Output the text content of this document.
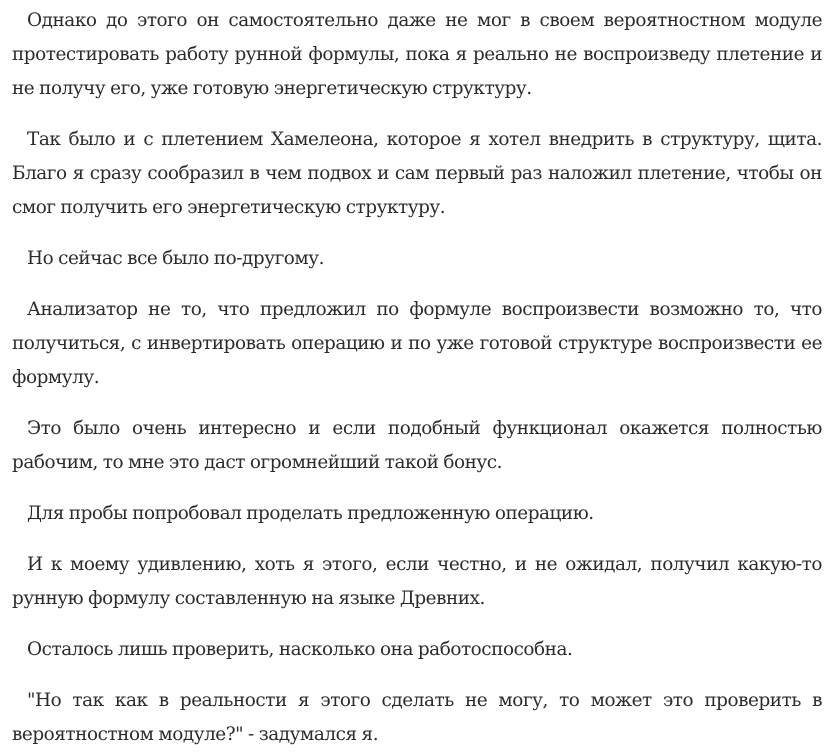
Однако до этого он самостоятельно даже не мог в своем вероятностном модуле протестировать работу рунной формулы, пока я реально не воспроизведу плетение и не получу его, уже готовую энергетическую структуру.

Так было и с плетением Хамелеона, которое я хотел внедрить в структуру, щита. Благо я сразу сообразил в чем подвох и сам первый раз наложил плетение, чтобы он смог получить его энергетическую структуру.

Но сейчас все было по-другому.

Анализатор не то, что предложил по формуле воспроизвести возможно то, что получиться, с инвертировать операцию и по уже готовой структуре воспроизвести ее формулу.

Это было очень интересно и если подобный функционал окажется полностью рабочим, то мне это даст огромнейший такой бонус.

Для пробы попробовал проделать предложенную операцию.

И к моему удивлению, хоть я этого, если честно, и не ожидал, получил какую-то рунную формулу составленную на языке Древних.

Осталось лишь проверить, насколько она работоспособна.

"Но так как в реальности я этого сделать не могу, то может это проверить в вероятностном модуле?" - задумался я.
